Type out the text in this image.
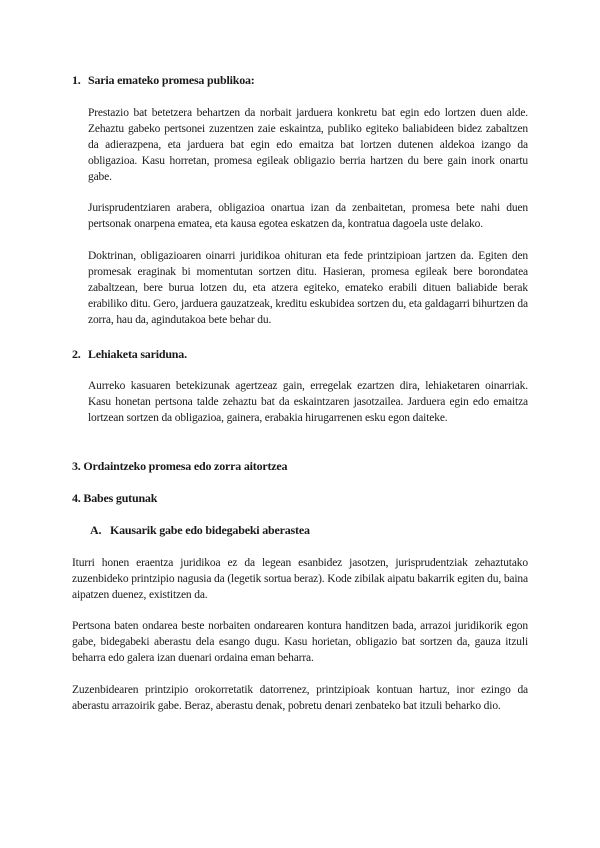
1. Saria emateko promesa publikoa:

Prestazio bat betetzera behartzen da norbait jarduera konkretu bat egin edo lortzen duen alde. Zehaztu gabeko pertsonei zuzentzen zaie eskaintza, publiko egiteko baliabideen bidez zabaltzen da adierazpena, eta jarduera bat egin edo emaitza bat lortzen dutenen aldekoa izango da obligazioa. Kasu horretan, promesa egileak obligazio berria hartzen du bere gain inork onartu gabe.

Jurisprudentziaren arabera, obligazioa onartua izan da zenbaitetan, promesa bete nahi duen pertsonak onarpena ematea, eta kausa egotea eskatzen da, kontratua dagoela uste delako.

Doktrinan, obligazioaren oinarri juridikoa ohituran eta fede printzipioan jartzen da. Egiten den promesak eraginak bi momentutan sortzen ditu. Hasieran, promesa egileak bere borondatea zabaltzean, bere burua lotzen du, eta atzera egiteko, emateko erabili dituen baliabide berak erabiliko ditu. Gero, jarduera gauzatzeak, kreditu eskubidea sortzen du, eta galdagarri bihurtzen da zorra, hau da, agindutakoa bete behar du.

2. Lehiaketa sariduna.

Aurreko kasuaren betekizunak agertzeaz gain, erregelak ezartzen dira, lehiaketaren oinarriak. Kasu honetan pertsona talde zehaztu bat da eskaintzaren jasotzailea. Jarduera egin edo emaitza lortzean sortzen da obligazioa, gainera, erabakia hirugarrenen esku egon daiteke.

3. Ordaintzeko promesa edo zorra aitortzea
4. Babes gutunak
A. Kausarik gabe edo bidegabeki aberastea

Iturri honen eraentza juridikoa ez da legean esanbidez jasotzen, jurisprudentziak zehaztutako zuzenbideko printzipio nagusia da (legetik sortua beraz). Kode zibilak aipatu bakarrik egiten du, baina aipatzen duenez, existitzen da.

Pertsona baten ondarea beste norbaiten ondarearen kontura handitzen bada, arrazoi juridikorik egon gabe, bidegabeki aberastu dela esango dugu. Kasu horietan, obligazio bat sortzen da, gauza itzuli beharra edo galera izan duenari ordaina eman beharra.

Zuzenbidearen printzipio orokorretatik datorrenez, printzipioak kontuan hartuz, inor ezingo da aberastu arrazoirik gabe. Beraz, aberastu denak, pobretu denari zenbateko bat itzuli beharko dio.
